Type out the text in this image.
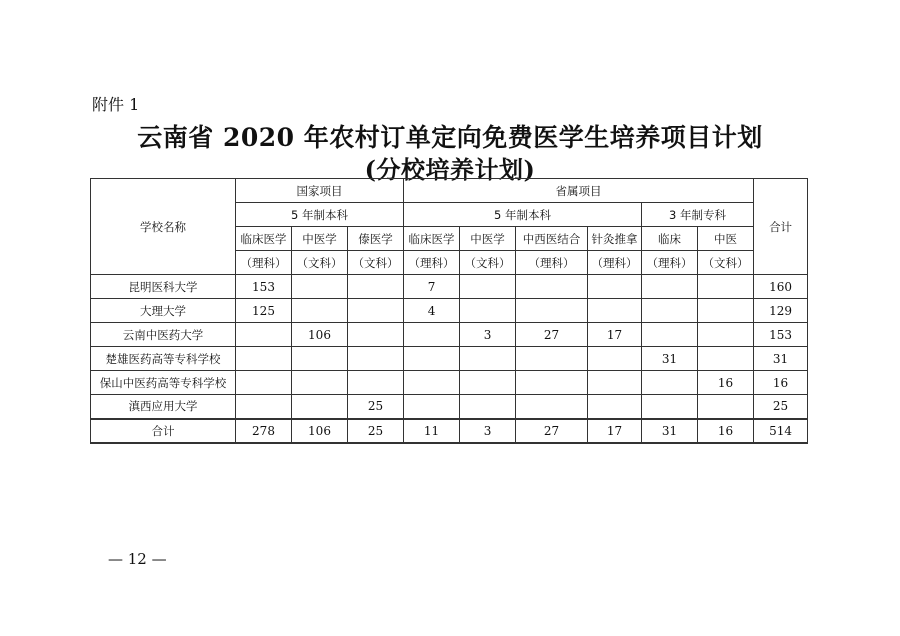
附件 1
云南省 2020 年农村订单定向免费医学生培养项目计划
(分校培养计划)
学校名称	国家项目			省属项目						合计
	5 年制本科			5 年制本科				3 年制专科		
	临床医学	中医学	傣医学	临床医学	中医学	中西医结合	针灸推拿	临床	中医	
	（理科）	（文科）	（文科）	（理科）	（文科）	（理科）	（理科）	（理科）	（文科）	
昆明医科大学	153			7						160
大理大学	125			4						129
云南中医药大学		106			3	27	17			153
楚雄医药高等专科学校								31		31
保山中医药高等专科学校									16	16
滇西应用大学			25							25
合计	278	106	25	11	3	27	17	31	16	514
— 12 —
